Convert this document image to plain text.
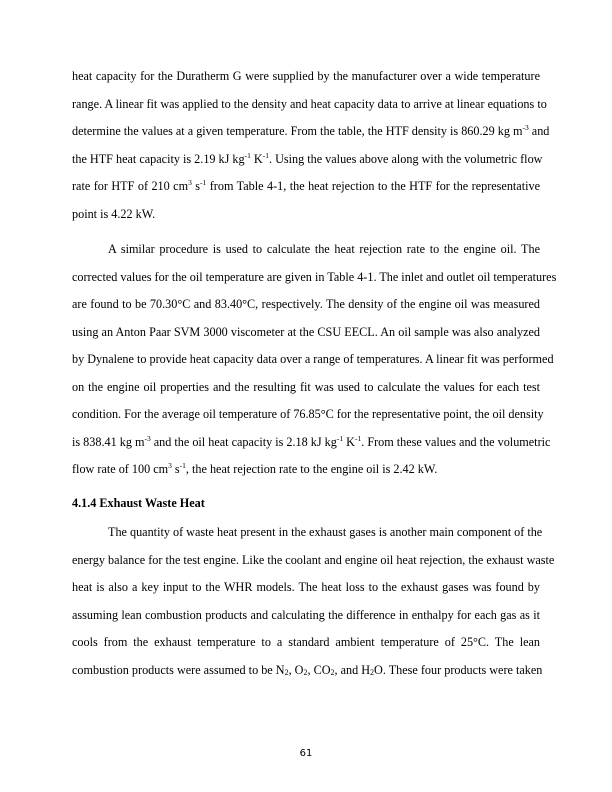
heat capacity for the Duratherm G were supplied by the manufacturer over a wide temperature
range. A linear fit was applied to the density and heat capacity data to arrive at linear equations to
determine the values at a given temperature. From the table, the HTF density is 860.29 kg $m^{-3}$ and
the HTF heat capacity is 2.19 kJ $kg^{-1}$ $K^{-1}$. Using the values above along with the volumetric flow
rate for HTF of 210 $cm^3$ $s^{-1}$ from Table 4-1, the heat rejection to the HTF for the representative
point is 4.22 kW.
A similar procedure is used to calculate the heat rejection rate to the engine oil. The
corrected values for the oil temperature are given in Table 4-1. The inlet and outlet oil temperatures
are found to be 70.30°C and 83.40°C, respectively. The density of the engine oil was measured
using an Anton Paar SVM 3000 viscometer at the CSU EECL. An oil sample was also analyzed
by Dynalene to provide heat capacity data over a range of temperatures. A linear fit was performed
on the engine oil properties and the resulting fit was used to calculate the values for each test
condition. For the average oil temperature of 76.85°C for the representative point, the oil density
is 838.41 kg $m^{-3}$ and the oil heat capacity is 2.18 kJ $kg^{-1}$ $K^{-1}$. From these values and the volumetric
flow rate of 100 $cm^3$ $s^{-1}$, the heat rejection rate to the engine oil is 2.42 kW.
4.1.4 Exhaust Waste Heat
The quantity of waste heat present in the exhaust gases is another main component of the
energy balance for the test engine. Like the coolant and engine oil heat rejection, the exhaust waste
heat is also a key input to the WHR models. The heat loss to the exhaust gases was found by
assuming lean combustion products and calculating the difference in enthalpy for each gas as it
cools from the exhaust temperature to a standard ambient temperature of 25°C. The lean
combustion products were assumed to be $N_2$, $O_2$, $CO_2$, and $H_2O$. These four products were taken
61
